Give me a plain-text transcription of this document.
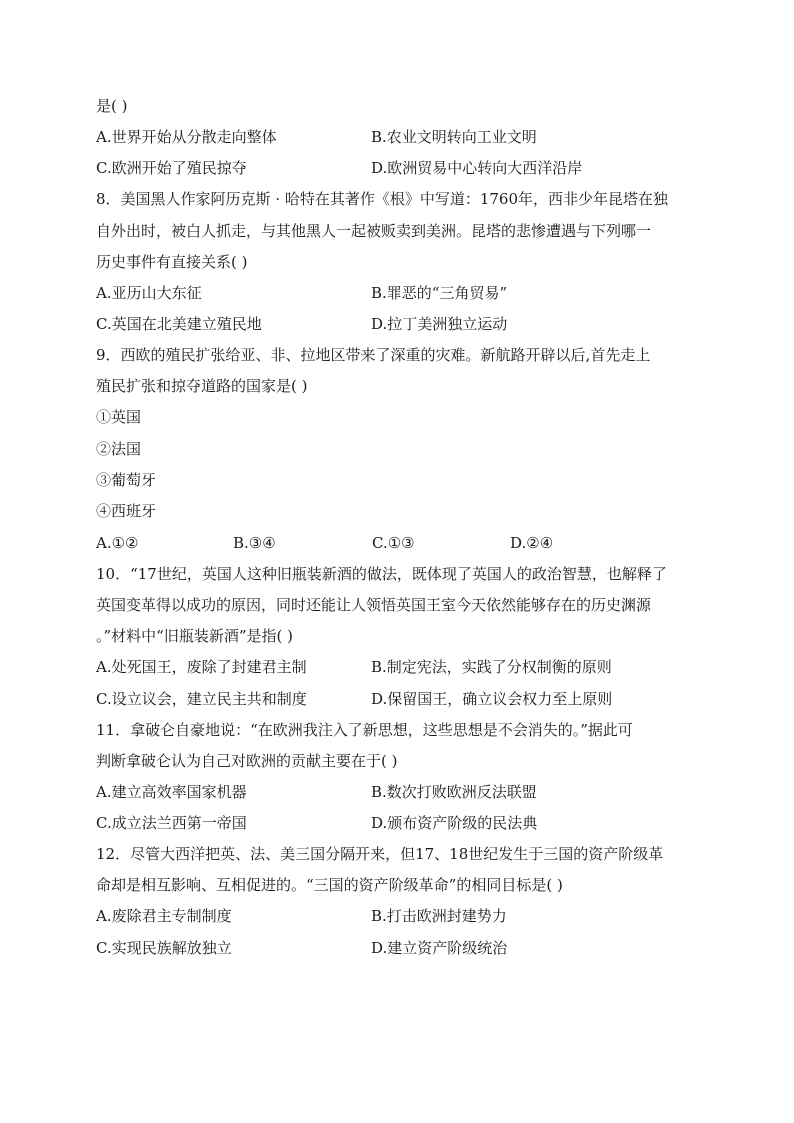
是( )
A.世界开始从分散走向整体	B.农业文明转向工业文明
C.欧洲开始了殖民掠夺	D.欧洲贸易中心转向大西洋沿岸
8．美国黑人作家阿历克斯 · 哈特在其著作《根》中写道：1760年，西非少年昆塔在独
自外出时，被白人抓走，与其他黑人一起被贩卖到美洲。昆塔的悲惨遭遇与下列哪一
历史事件有直接关系( )
A.亚历山大东征	B.罪恶的“三角贸易”
C.英国在北美建立殖民地	D.拉丁美洲独立运动
9．西欧的殖民扩张给亚、非、拉地区带来了深重的灾难。新航路开辟以后,首先走上
殖民扩张和掠夺道路的国家是( )
①英国
②法国
③葡萄牙
④西班牙
A.①②	B.③④	C.①③	D.②④
10．“17世纪，英国人这种旧瓶装新酒的做法，既体现了英国人的政治智慧，也解释了
英国变革得以成功的原因，同时还能让人领悟英国王室今天依然能够存在的历史渊源
。”材料中“旧瓶装新酒”是指( )
A.处死国王，废除了封建君主制	B.制定宪法，实践了分权制衡的原则
C.设立议会，建立民主共和制度	D.保留国王，确立议会权力至上原则
11．拿破仑自豪地说：“在欧洲我注入了新思想，这些思想是不会消失的。”据此可
判断拿破仑认为自己对欧洲的贡献主要在于( )
A.建立高效率国家机器	B.数次打败欧洲反法联盟
C.成立法兰西第一帝国	D.颁布资产阶级的民法典
12．尽管大西洋把英、法、美三国分隔开来，但17、18世纪发生于三国的资产阶级革
命却是相互影响、互相促进的。“三国的资产阶级革命”的相同目标是( )
A.废除君主专制制度	B.打击欧洲封建势力
C.实现民族解放独立	D.建立资产阶级统治
